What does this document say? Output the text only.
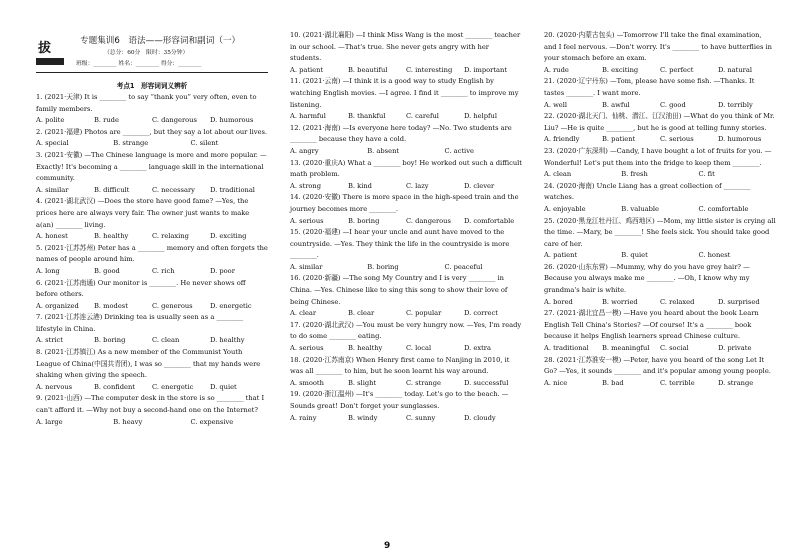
拔	专题集训6　语法——形容词和副词（一）
（总分：60分　限时：35分钟）
班级：________ 姓名：________ 得分：________
考点1　形容词词义辨析

1. (2021·天津) It is ________ to say “thank you” very often, even to family members.

A. polite	B. rude	C. dangerous	D. humorous

2. (2021·福建) Photos are ________, but they say a lot about our lives.

A. special	B. strange	C. silent

3. (2021·安徽) —The Chinese language is more and more popular. —Exactly! It's becoming a ________ language skill in the international community.

A. similar	B. difficult	C. necessary	D. traditional

4. (2021·湖北武汉) —Does the store have good fame? —Yes, the prices here are always very fair. The owner just wants to make a(an) ________ living.

A. honest	B. healthy	C. relaxing	D. exciting

5. (2021·江苏苏州) Peter has a ________ memory and often forgets the names of people around him.

A. long	B. good	C. rich	D. poor

6. (2021·江苏南通) Our monitor is ________. He never shows off before others.

A. organized	B. modest	C. generous	D. energetic

7. (2021·江苏连云港) Drinking tea is usually seen as a ________ lifestyle in China.

A. strict	B. boring	C. clean	D. healthy

8. (2021·江苏镇江) As a new member of the Communist Youth League of China(中国共青团), I was so ________ that my hands were shaking when giving the speech.

A. nervous	B. confident	C. energetic	D. quiet

9. (2021·山西) —The computer desk in the store is so ________ that I can't afford it. —Why not buy a second-hand one on the Internet?

A. large	B. heavy	C. expensive

10. (2021·湖北襄阳) —I think Miss Wang is the most ________ teacher in our school. —That's true. She never gets angry with her students.

A. patient	B. beautiful	C. interesting	D. important

11. (2021·云南) —I think it is a good way to study English by watching English movies. —I agree. I find it ________ to improve my listening.

A. harmful	B. thankful	C. careful	D. helpful

12. (2021·海南) —Is everyone here today? —No. Two students are ________ because they have a cold.

A. angry	B. absent	C. active

13. (2020·重庆A) What a ________ boy! He worked out such a difficult math problem.

A. strong	B. kind	C. lazy	D. clever

14. (2020·安徽) There is more space in the high-speed train and the journey becomes more ________.

A. serious	B. boring	C. dangerous	D. comfortable

15. (2020·福建) —I hear your uncle and aunt have moved to the countryside. —Yes. They think the life in the countryside is more ________.

A. similar	B. boring	C. peaceful

16. (2020·新疆) —The song My Country and I is very ________ in China. —Yes. Chinese like to sing this song to show their love of being Chinese.

A. clear	B. clear	C. popular	D. correct

17. (2020·湖北武汉) —You must be very hungry now. —Yes, I'm ready to do some ________ eating.

A. serious	B. healthy	C. local	D. extra

18. (2020·江苏南京) When Henry first came to Nanjing in 2010, it was all ________ to him, but he soon learnt his way around.

A. smooth	B. slight	C. strange	D. successful

19. (2020·浙江温州) —It's ________ today. Let's go to the beach. —Sounds great! Don't forget your sunglasses.

A. rainy	B. windy	C. sunny	D. cloudy

20. (2020·内蒙古包头) —Tomorrow I'll take the final examination, and I feel nervous. —Don't worry. It's ________ to have butterflies in your stomach before an exam.

A. rude	B. exciting	C. perfect	D. natural

21. (2020·辽宁丹东) —Tom, please have some fish. —Thanks. It tastes ________. I want more.

A. well	B. awful	C. good	D. terribly

22. (2020·湖北天门、仙桃、潜江、江汉油田) —What do you think of Mr. Liu? —He is quite ________, but he is good at telling funny stories.

A. friendly	B. patient	C. serious	D. humorous

23. (2020·广东深圳) —Candy, I have bought a lot of fruits for you. —Wonderful! Let's put them into the fridge to keep them ________.

A. clean	B. fresh	C. fit

24. (2020·海南) Uncle Liang has a great collection of ________ watches.

A. enjoyable	B. valuable	C. comfortable

25. (2020·黑龙江牡丹江、鸡西地区) —Mom, my little sister is crying all the time. —Mary, be ________! She feels sick. You should take good care of her.

A. patient	B. quiet	C. honest

26. (2020·山东东营) —Mummy, why do you have grey hair? —Because you always make me ________. —Oh, I know why my grandma's hair is white.

A. bored	B. worried	C. relaxed	D. surprised

27. (2021·湖北宜昌一模) —Have you heard about the book Learn English Tell China's Stories? —Of course! It's a ________ book because it helps English learners spread Chinese culture.

A. traditional	B. meaningful	C. social	D. private

28. (2021·江苏淮安一模) —Peter, have you heard of the song Let It Go? —Yes, it sounds ________ and it's popular among young people.

A. nice	B. bad	C. terrible	D. strange
9
